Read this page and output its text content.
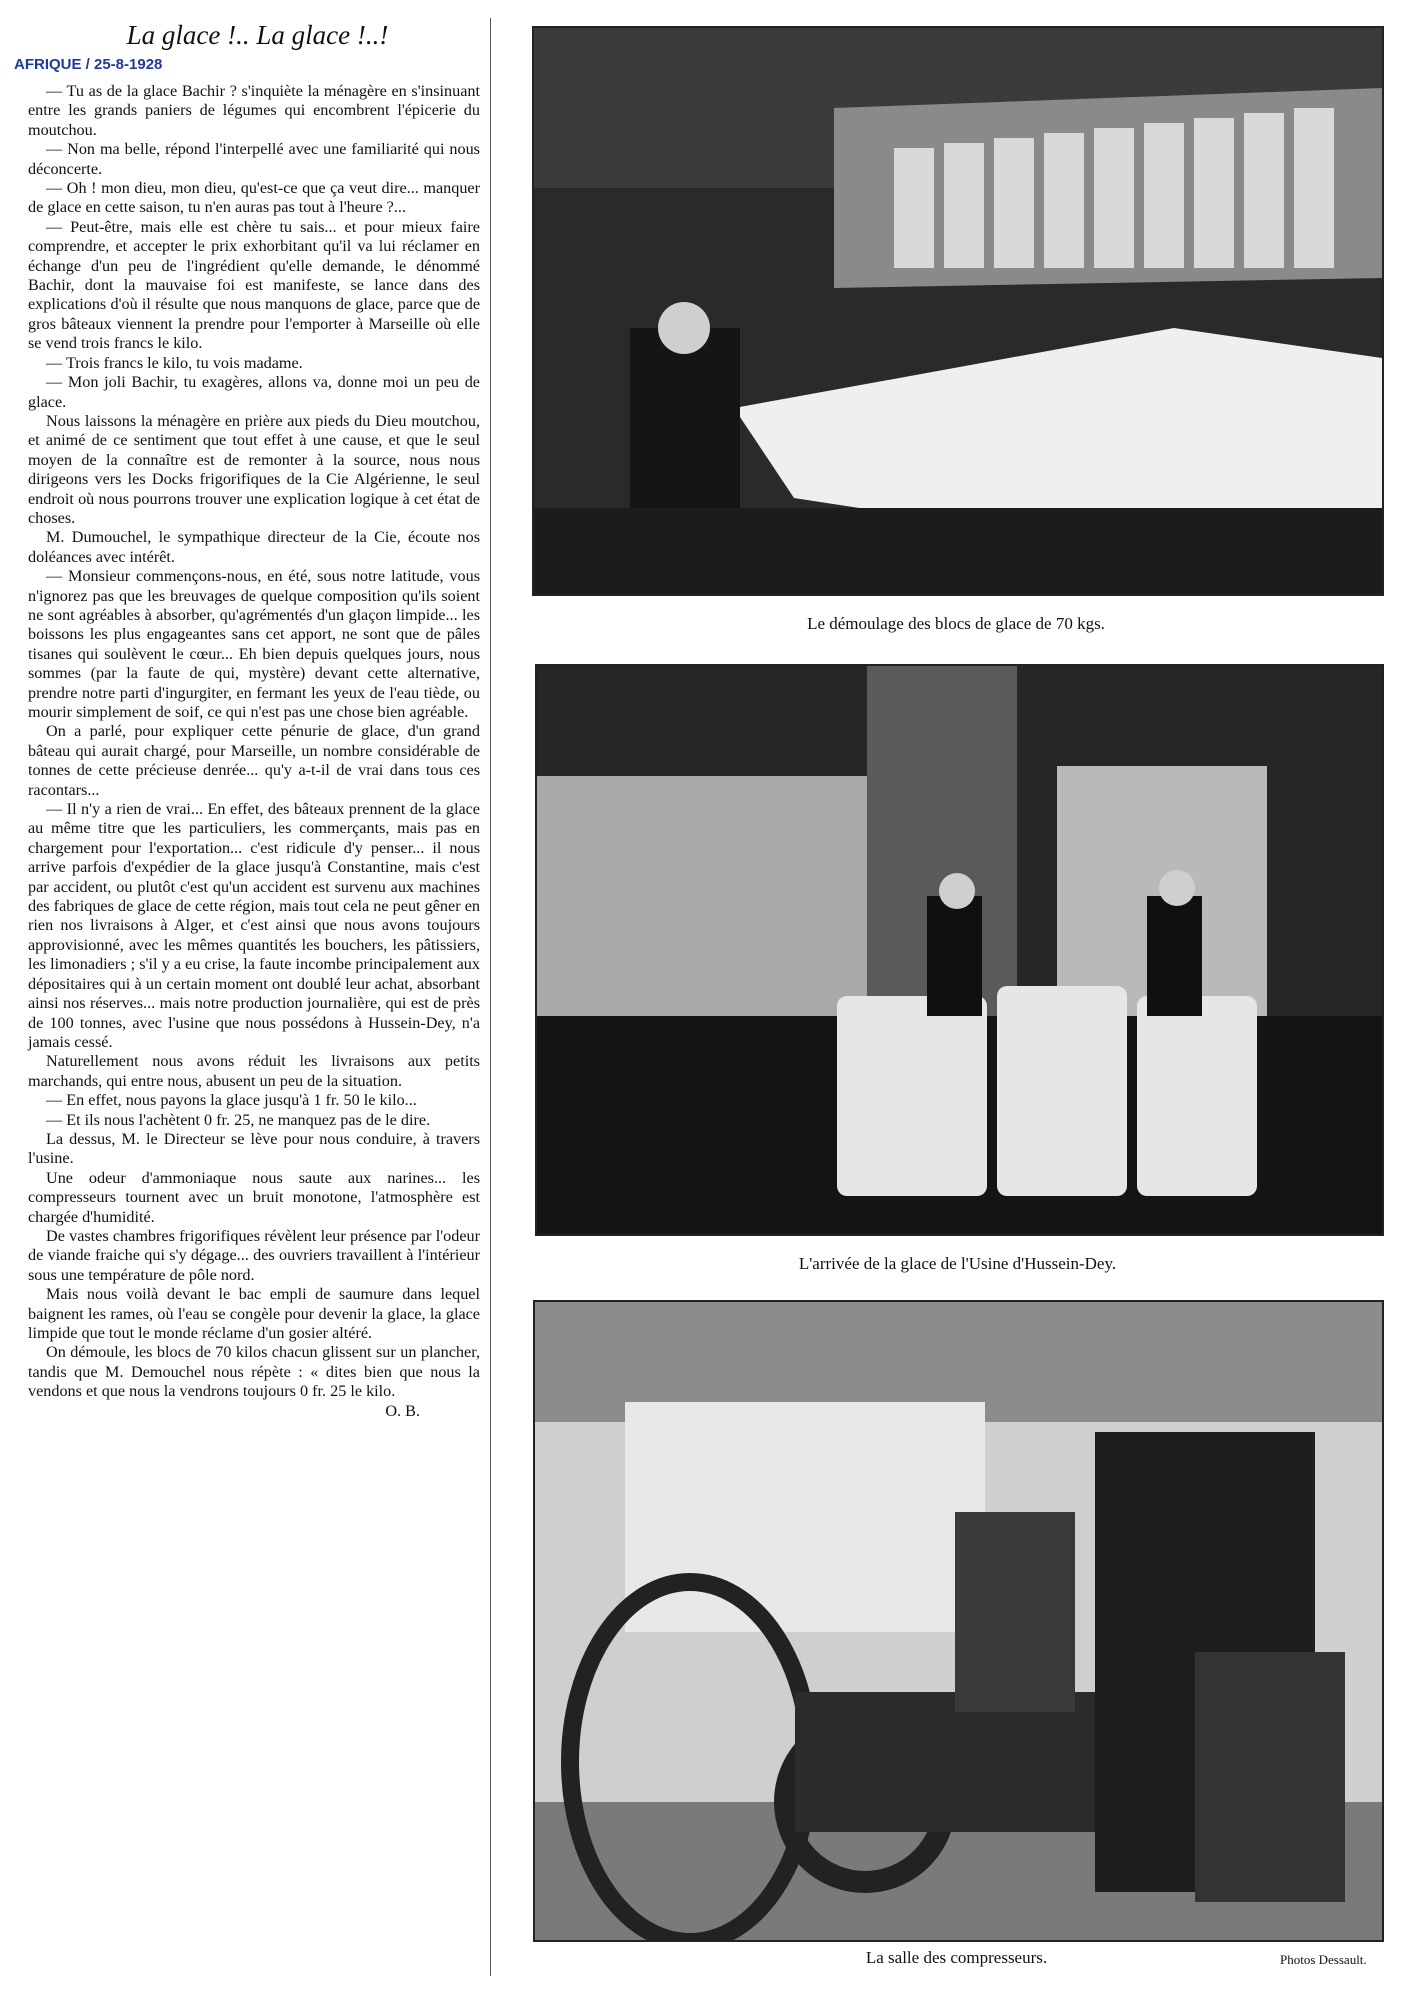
La glace !.. La glace !..!
AFRIQUE / 25-8-1928

— Tu as de la glace Bachir ? s'inquiète la ménagère en s'insinuant entre les grands paniers de légumes qui encombrent l'épicerie du moutchou.

— Non ma belle, répond l'interpellé avec une familiarité qui nous déconcerte.

— Oh ! mon dieu, mon dieu, qu'est-ce que ça veut dire... manquer de glace en cette saison, tu n'en auras pas tout à l'heure ?...

— Peut-être, mais elle est chère tu sais... et pour mieux faire comprendre, et accepter le prix exhorbitant qu'il va lui réclamer en échange d'un peu de l'ingrédient qu'elle demande, le dénommé Bachir, dont la mauvaise foi est manifeste, se lance dans des explications d'où il résulte que nous manquons de glace, parce que de gros bâteaux viennent la prendre pour l'emporter à Marseille où elle se vend trois francs le kilo.

— Trois francs le kilo, tu vois madame.

— Mon joli Bachir, tu exagères, allons va, donne moi un peu de glace.

Nous laissons la ménagère en prière aux pieds du Dieu moutchou, et animé de ce sentiment que tout effet à une cause, et que le seul moyen de la connaître est de remonter à la source, nous nous dirigeons vers les Docks frigorifiques de la Cie Algérienne, le seul endroit où nous pourrons trouver une explication logique à cet état de choses.

M. Dumouchel, le sympathique directeur de la Cie, écoute nos doléances avec intérêt.

— Monsieur commençons-nous, en été, sous notre latitude, vous n'ignorez pas que les breuvages de quelque composition qu'ils soient ne sont agréables à absorber, qu'agrémentés d'un glaçon limpide... les boissons les plus engageantes sans cet apport, ne sont que de pâles tisanes qui soulèvent le cœur... Eh bien depuis quelques jours, nous sommes (par la faute de qui, mystère) devant cette alternative, prendre notre parti d'ingurgiter, en fermant les yeux de l'eau tiède, ou mourir simplement de soif, ce qui n'est pas une chose bien agréable.

On a parlé, pour expliquer cette pénurie de glace, d'un grand bâteau qui aurait chargé, pour Marseille, un nombre considérable de tonnes de cette précieuse denrée... qu'y a-t-il de vrai dans tous ces racontars...

— Il n'y a rien de vrai... En effet, des bâteaux prennent de la glace au même titre que les particuliers, les commerçants, mais pas en chargement pour l'exportation... c'est ridicule d'y penser... il nous arrive parfois d'expédier de la glace jusqu'à Constantine, mais c'est par accident, ou plutôt c'est qu'un accident est survenu aux machines des fabriques de glace de cette région, mais tout cela ne peut gêner en rien nos livraisons à Alger, et c'est ainsi que nous avons toujours approvisionné, avec les mêmes quantités les bouchers, les pâtissiers, les limonadiers ; s'il y a eu crise, la faute incombe principalement aux dépositaires qui à un certain moment ont doublé leur achat, absorbant ainsi nos réserves... mais notre production journalière, qui est de près de 100 tonnes, avec l'usine que nous possédons à Hussein-Dey, n'a jamais cessé.

Naturellement nous avons réduit les livraisons aux petits marchands, qui entre nous, abusent un peu de la situation.

— En effet, nous payons la glace jusqu'à 1 fr. 50 le kilo...

— Et ils nous l'achètent 0 fr. 25, ne manquez pas de le dire.

La dessus, M. le Directeur se lève pour nous conduire, à travers l'usine.

Une odeur d'ammoniaque nous saute aux narines... les compresseurs tournent avec un bruit monotone, l'atmosphère est chargée d'humidité.

De vastes chambres frigorifiques révèlent leur présence par l'odeur de viande fraiche qui s'y dégage... des ouvriers travaillent à l'intérieur sous une température de pôle nord.

Mais nous voilà devant le bac empli de saumure dans lequel baignent les rames, où l'eau se congèle pour devenir la glace, la glace limpide que tout le monde réclame d'un gosier altéré.

On démoule, les blocs de 70 kilos chacun glissent sur un plancher, tandis que M. Demouchel nous répète : « dites bien que nous la vendons et que nous la vendrons toujours 0 fr. 25 le kilo.

O. B.

Le démoulage des blocs de glace de 70 kgs.
L'arrivée de la glace de l'Usine d'Hussein-Dey.
La salle des compresseurs.	Photos Dessault.
